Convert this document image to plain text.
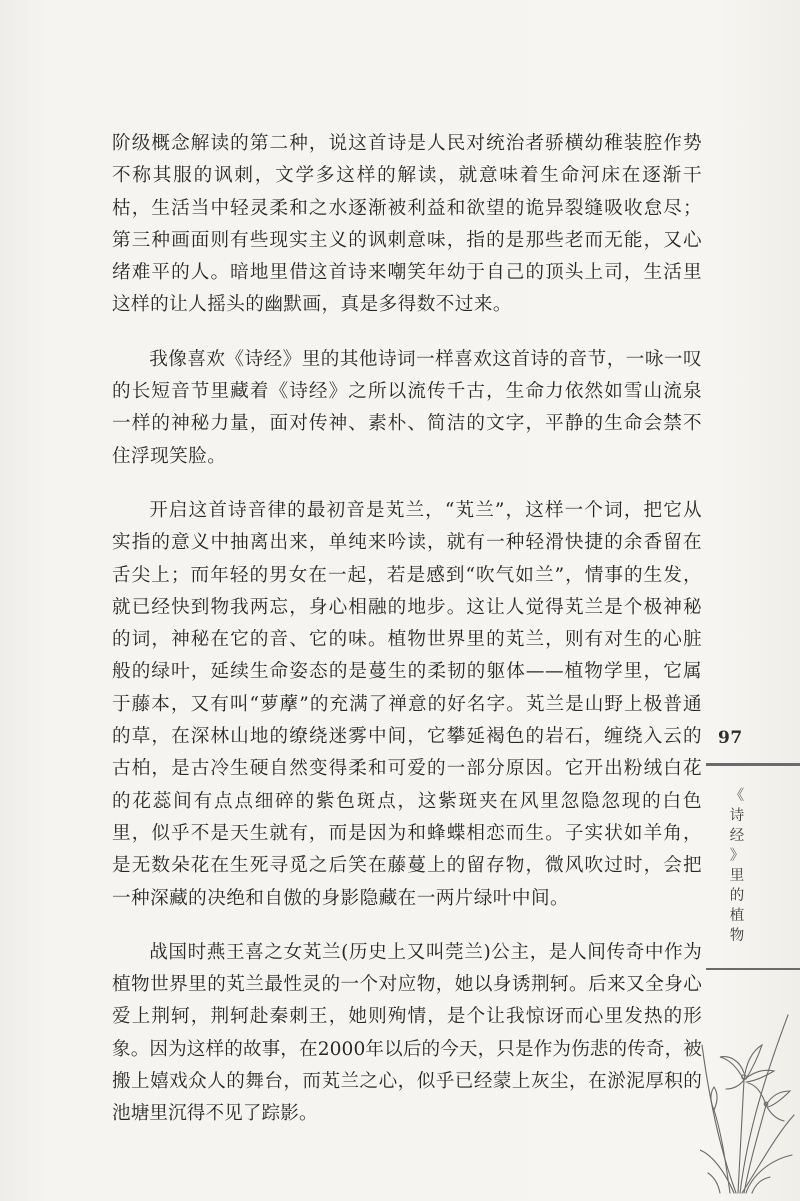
阶级概念解读的第二种，说这首诗是人民对统治者骄横幼稚装腔作势不称其服的讽刺，文学多这样的解读，就意味着生命河床在逐渐干枯，生活当中轻灵柔和之水逐渐被利益和欲望的诡异裂缝吸收怠尽；第三种画面则有些现实主义的讽刺意味，指的是那些老而无能，又心绪难平的人。暗地里借这首诗来嘲笑年幼于自己的顶头上司，生活里这样的让人摇头的幽默画，真是多得数不过来。

我像喜欢《诗经》里的其他诗词一样喜欢这首诗的音节，一咏一叹的长短音节里藏着《诗经》之所以流传千古，生命力依然如雪山流泉一样的神秘力量，面对传神、素朴、简洁的文字，平静的生命会禁不住浮现笑脸。

开启这首诗音律的最初音是芄兰，“芄兰”，这样一个词，把它从实指的意义中抽离出来，单纯来吟读，就有一种轻滑快捷的余香留在舌尖上；而年轻的男女在一起，若是感到“吹气如兰”，情事的生发，就已经快到物我两忘，身心相融的地步。这让人觉得芄兰是个极神秘的词，神秘在它的音、它的味。植物世界里的芄兰，则有对生的心脏般的绿叶，延续生命姿态的是蔓生的柔韧的躯体——植物学里，它属于藤本，又有叫“萝藦”的充满了禅意的好名字。芄兰是山野上极普通的草，在深林山地的缭绕迷雾中间，它攀延褐色的岩石，缠绕入云的古柏，是古冷生硬自然变得柔和可爱的一部分原因。它开出粉绒白花的花蕊间有点点细碎的紫色斑点，这紫斑夹在风里忽隐忽现的白色里，似乎不是天生就有，而是因为和蜂蝶相恋而生。子实状如羊角，是无数朵花在生死寻觅之后笑在藤蔓上的留存物，微风吹过时，会把一种深藏的决绝和自傲的身影隐藏在一两片绿叶中间。

战国时燕王喜之女芄兰(历史上又叫莞兰)公主，是人间传奇中作为植物世界里的芄兰最性灵的一个对应物，她以身诱荆轲。后来又全身心爱上荆轲，荆轲赴秦刺王，她则殉情，是个让我惊讶而心里发热的形象。因为这样的故事，在2000年以后的今天，只是作为伤悲的传奇，被搬上嬉戏众人的舞台，而芄兰之心，似乎已经蒙上灰尘，在淤泥厚积的池塘里沉得不见了踪影。

97
《
诗
经
》
里
的
植
物
